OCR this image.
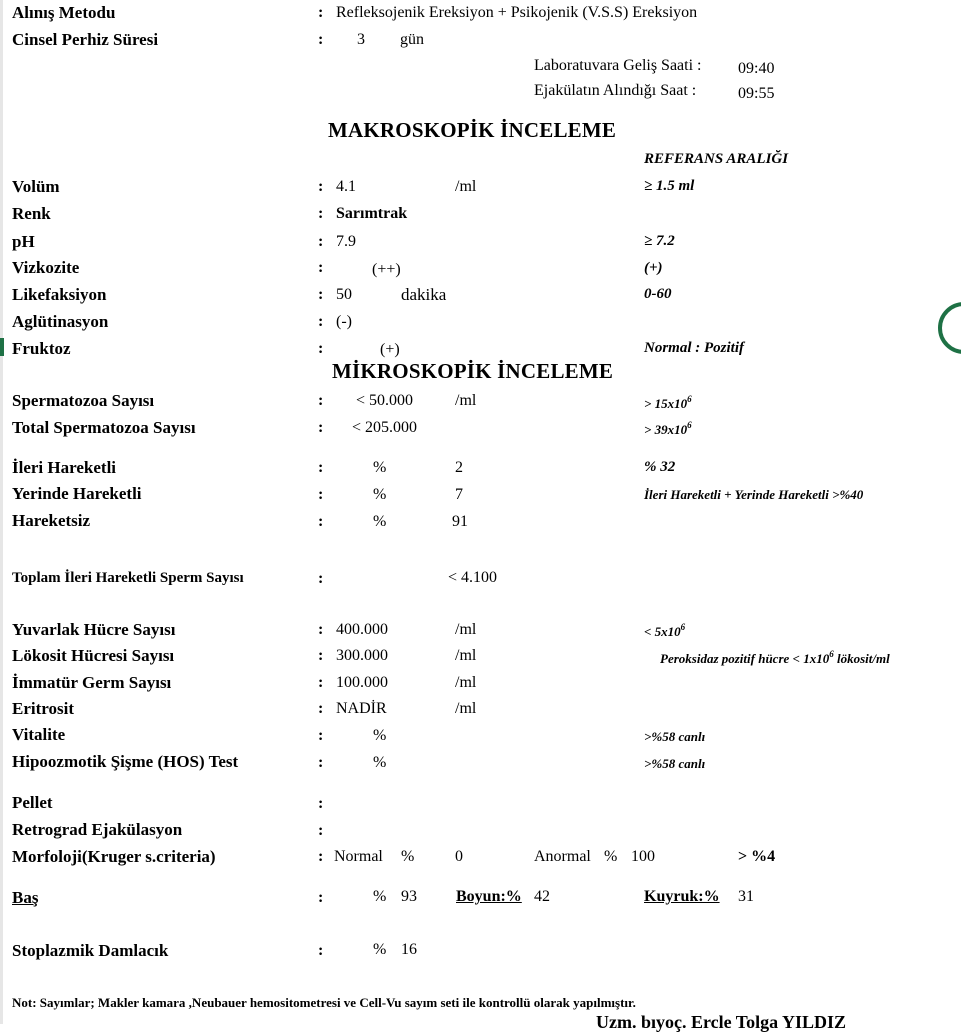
Alınış Metodu	: Refleksojenik Ereksiyon + Psikojenik (V.S.S) Ereksiyon
Cinsel Perhiz Süresi	: 3 gün
Laboratuvara Geliş Saati : 09:40
Ejakülatın Alındığı Saat :	09:55
MAKROSKOPİK İNCELEME
REFERANS ARALIĞI
Volüm	: 4.1	/ml	≥ 1.5 ml
Renk	: Sarımtrak
pH	: 7.9	≥ 7.2
Vizkozite	:	(++)	(+)
Likefaksiyon	: 50	dakika	0-60
Aglütinasyon	: (-)
Fruktoz	:	(+)	Normal : Pozitif
MİKROSKOPİK İNCELEME
Spermatozoa Sayısı	: < 50.000	/ml	> $15x10^6$
Total Spermatozoa Sayısı	: < 205.000	> $39x10^6$
İleri Hareketli	:	%	2	% 32
Yerinde Hareketli	:	%	7	İleri Hareketli + Yerinde Hareketli >%40
Hareketsiz	:	%	91
Toplam İleri Hareketli Sperm Sayısı	:	< 4.100
Yuvarlak Hücre Sayısı	: 400.000	/ml	< $5x10^6$
Lökosit Hücresi Sayısı	: 300.000	/ml	Peroksidaz pozitif hücre < $1x10^6$ lökosit/ml
İmmatür Germ Sayısı	: 100.000	/ml
Eritrosit	: NADİR	/ml
Vitalite	:	%	>%58 canlı
Hipoozmotik Şişme (HOS) Test	:	%	>%58 canlı
Pellet	:
Retrograd Ejakülasyon	:
Morfoloji(Kruger s.criteria)	: Normal %	0	Anormal % 100	> %4
Baş	:	% 93 Boyun:% 42	Kuyruk:% 31
Stoplazmik Damlacık	:	% 16
Not: Sayımlar; Makler kamara ,Neubauer hemositometresi ve Cell-Vu sayım seti ile kontrollü olarak yapılmıştır.
Uzm. bıyoç. Ercle Tolga YILDIZ
